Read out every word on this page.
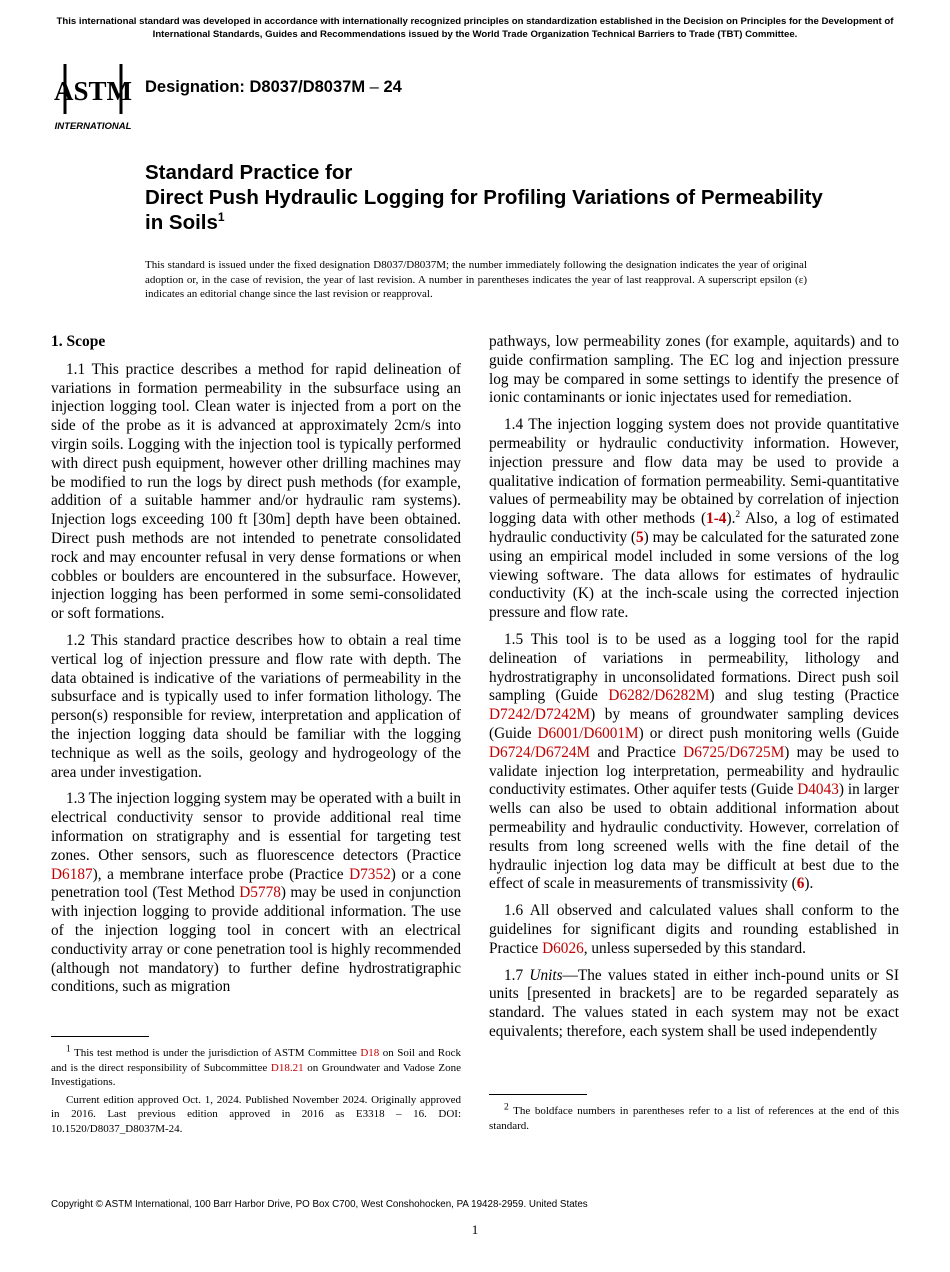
This international standard was developed in accordance with internationally recognized principles on standardization established in the Decision on Principles for the Development of International Standards, Guides and Recommendations issued by the World Trade Organization Technical Barriers to Trade (TBT) Committee.
ASTM
INTERNATIONAL
Designation: D8037/D8037M – 24
Standard Practice for
Direct Push Hydraulic Logging for Profiling Variations of Permeability in Soils$^1$
This standard is issued under the fixed designation D8037/D8037M; the number immediately following the designation indicates the year of original adoption or, in the case of revision, the year of last revision. A number in parentheses indicates the year of last reapproval. A superscript epsilon (ε) indicates an editorial change since the last revision or reapproval.
1. Scope

1.1 This practice describes a method for rapid delineation of variations in formation permeability in the subsurface using an injection logging tool. Clean water is injected from a port on the side of the probe as it is advanced at approximately 2cm/s into virgin soils. Logging with the injection tool is typically performed with direct push equipment, however other drilling machines may be modified to run the logs by direct push methods (for example, addition of a suitable hammer and/or hydraulic ram systems). Injection logs exceeding 100 ft [30m] depth have been obtained. Direct push methods are not intended to penetrate consolidated rock and may encounter refusal in very dense formations or when cobbles or boulders are encountered in the subsurface. However, injection logging has been performed in some semi-consolidated or soft formations.

1.2 This standard practice describes how to obtain a real time vertical log of injection pressure and flow rate with depth. The data obtained is indicative of the variations of permeability in the subsurface and is typically used to infer formation lithology. The person(s) responsible for review, interpretation and application of the injection logging data should be familiar with the logging technique as well as the soils, geology and hydrogeology of the area under investigation.

1.3 The injection logging system may be operated with a built in electrical conductivity sensor to provide additional real time information on stratigraphy and is essential for targeting test zones. Other sensors, such as fluorescence detectors (Practice D6187), a membrane interface probe (Practice D7352) or a cone penetration tool (Test Method D5778) may be used in conjunction with injection logging to provide additional information. The use of the injection logging tool in concert with an electrical conductivity array or cone penetration tool is highly recommended (although not mandatory) to further define hydrostratigraphic conditions, such as migration

pathways, low permeability zones (for example, aquitards) and to guide confirmation sampling. The EC log and injection pressure log may be compared in some settings to identify the presence of ionic contaminants or ionic injectates used for remediation.

1.4 The injection logging system does not provide quantitative permeability or hydraulic conductivity information. However, injection pressure and flow data may be used to provide a qualitative indication of formation permeability. Semi-quantitative values of permeability may be obtained by correlation of injection logging data with other methods (1-4).$^2$ Also, a log of estimated hydraulic conductivity (5) may be calculated for the saturated zone using an empirical model included in some versions of the log viewing software. The data allows for estimates of hydraulic conductivity (K) at the inch-scale using the corrected injection pressure and flow rate.

1.5 This tool is to be used as a logging tool for the rapid delineation of variations in permeability, lithology and hydrostratigraphy in unconsolidated formations. Direct push soil sampling (Guide D6282/D6282M) and slug testing (Practice D7242/D7242M) by means of groundwater sampling devices (Guide D6001/D6001M) or direct push monitoring wells (Guide D6724/D6724M and Practice D6725/D6725M) may be used to validate injection log interpretation, permeability and hydraulic conductivity estimates. Other aquifer tests (Guide D4043) in larger wells can also be used to obtain additional information about permeability and hydraulic conductivity. However, correlation of results from long screened wells with the fine detail of the hydraulic injection log data may be difficult at best due to the effect of scale in measurements of transmissivity (6).

1.6 All observed and calculated values shall conform to the guidelines for significant digits and rounding established in Practice D6026, unless superseded by this standard.

1.7 Units—The values stated in either inch-pound units or SI units [presented in brackets] are to be regarded separately as standard. The values stated in each system may not be exact equivalents; therefore, each system shall be used independently

$^1$ This test method is under the jurisdiction of ASTM Committee D18 on Soil and Rock and is the direct responsibility of Subcommittee D18.21 on Groundwater and Vadose Zone Investigations.

Current edition approved Oct. 1, 2024. Published November 2024. Originally approved in 2016. Last previous edition approved in 2016 as E3318 – 16. DOI: 10.1520/D8037_D8037M-24.

$^2$ The boldface numbers in parentheses refer to a list of references at the end of this standard.

Copyright © ASTM International, 100 Barr Harbor Drive, PO Box C700, West Conshohocken, PA 19428-2959. United States
1
